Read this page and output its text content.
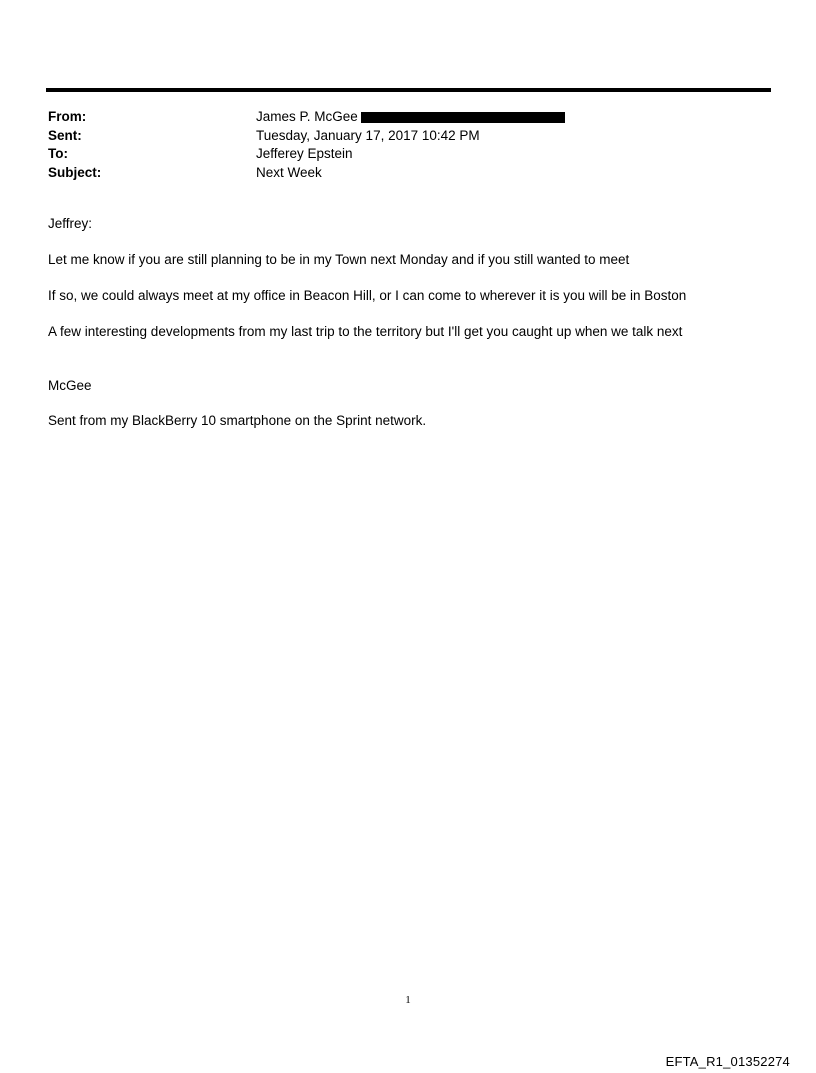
From:	James P. McGee
Sent:	Tuesday, January 17, 2017 10:42 PM
To:	Jefferey Epstein
Subject:	Next Week
Jeffrey:
Let me know if you are still planning to be in my Town next Monday and if you still wanted to meet
If so, we could always meet at my office in Beacon Hill, or I can come to wherever it is you will be in Boston
A few interesting developments from my last trip to the territory but I'll get you caught up when we talk next
McGee
Sent from my BlackBerry 10 smartphone on the Sprint network.
1
EFTA_R1_01352274
